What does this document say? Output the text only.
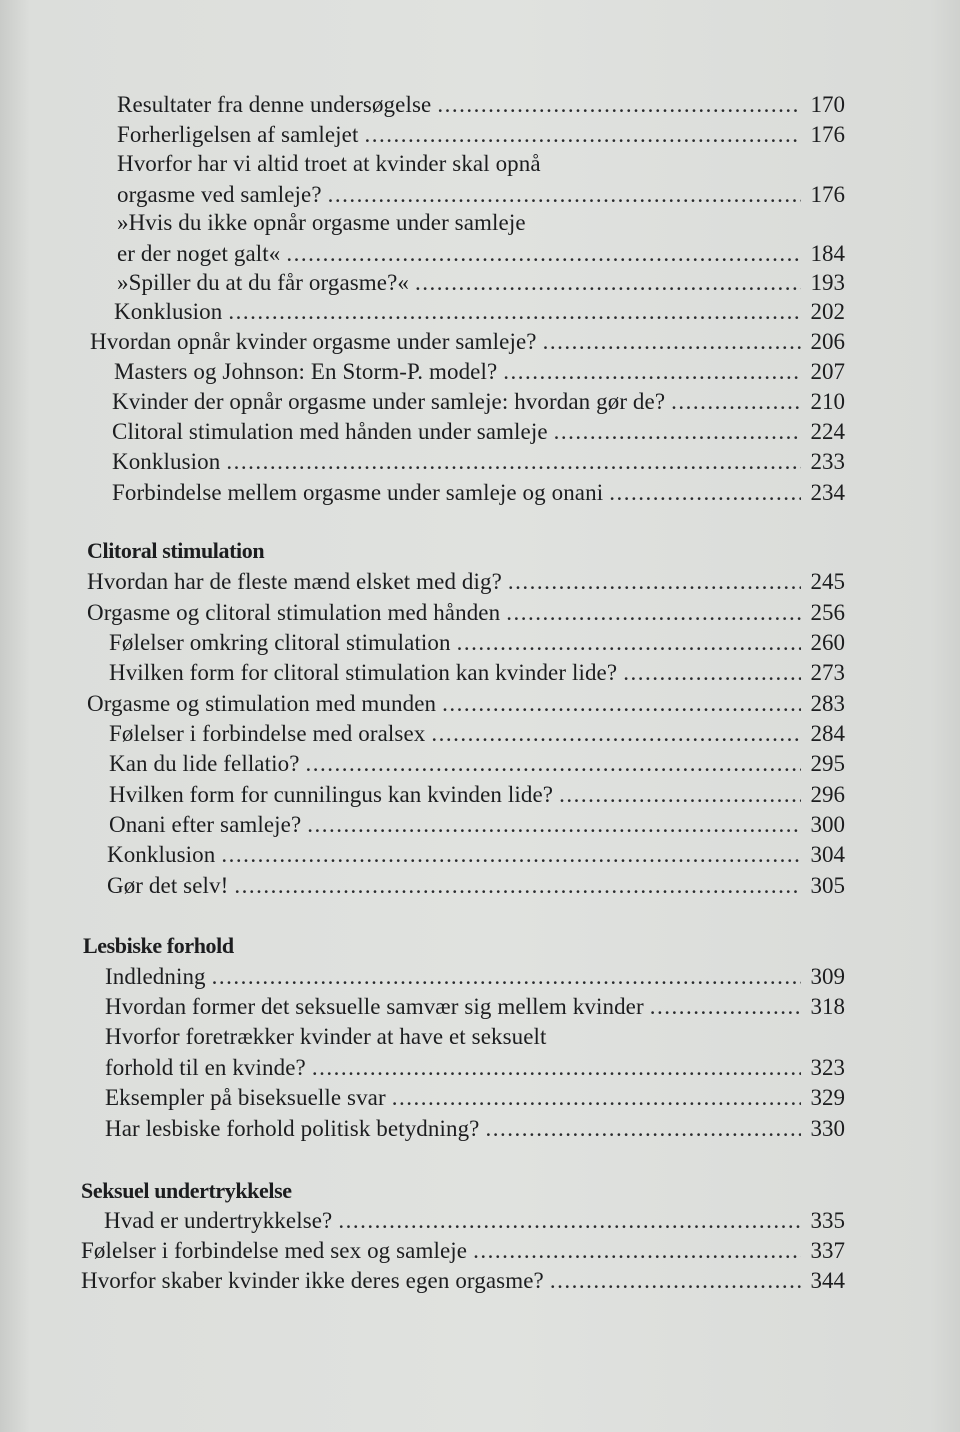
Resultater fra denne undersøgelse .....	170
Forherligelsen af samlejet .....	176
Hvorfor har vi altid troet at kvinder skal opnå
orgasme ved samleje? .....	176
»Hvis du ikke opnår orgasme under samleje
er der noget galt« .....	184
»Spiller du at du får orgasme?« .....	193
Konklusion .....	202
Hvordan opnår kvinder orgasme under samleje? .....	206
Masters og Johnson: En Storm-P. model? .....	207
Kvinder der opnår orgasme under samleje: hvordan gør de? .....	210
Clitoral stimulation med hånden under samleje .....	224
Konklusion .....	233
Forbindelse mellem orgasme under samleje og onani .....	234
Clitoral stimulation
Hvordan har de fleste mænd elsket med dig? .....	245
Orgasme og clitoral stimulation med hånden .....	256
Følelser omkring clitoral stimulation .....	260
Hvilken form for clitoral stimulation kan kvinder lide? .....	273
Orgasme og stimulation med munden .....	283
Følelser i forbindelse med oralsex .....	284
Kan du lide fellatio? .....	295
Hvilken form for cunnilingus kan kvinden lide? .....	296
Onani efter samleje? .....	300
Konklusion .....	304
Gør det selv! .....	305
Lesbiske forhold
Indledning .....	309
Hvordan former det seksuelle samvær sig mellem kvinder .....	318
Hvorfor foretrækker kvinder at have et seksuelt
forhold til en kvinde? .....	323
Eksempler på biseksuelle svar .....	329
Har lesbiske forhold politisk betydning? .....	330
Seksuel undertrykkelse
Hvad er undertrykkelse? .....	335
Følelser i forbindelse med sex og samleje .....	337
Hvorfor skaber kvinder ikke deres egen orgasme? .....	344
